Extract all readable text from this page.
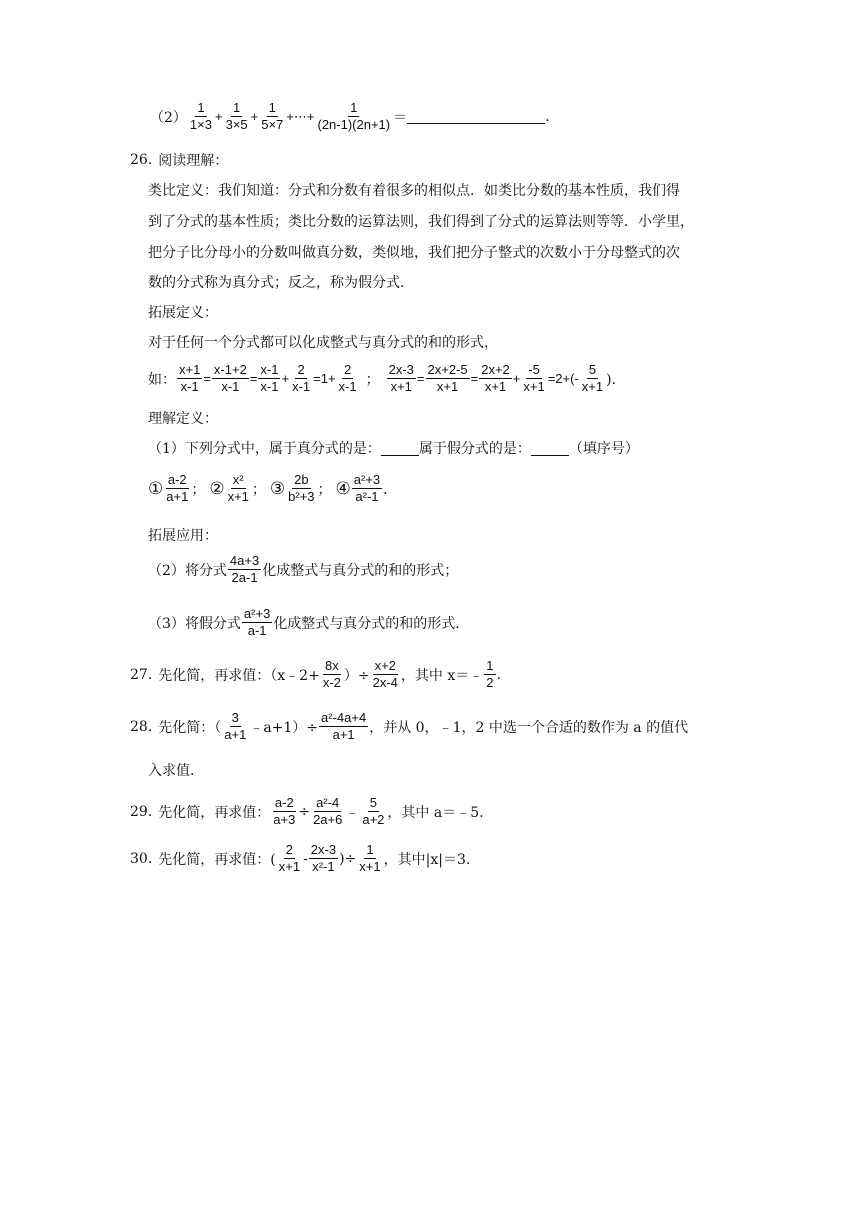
（2）
1
1×3
+ $\frac{1}{3\times 5} + \frac{1}{5\times 7}$ +⋯+ $\frac{1}{(2n-1)(2n+1)}$ ＝	.
26. 阅读理解：
类比定义：我们知道：分式和分数有着很多的相似点．如类比分数的基本性质，我们得
到了分式的基本性质；类比分数的运算法则，我们得到了分式的运算法则等等．小学里，
把分子比分母小的分数叫做真分数，类似地，我们把分子整式的次数小于分母整式的次
数的分式称为真分式；反之，称为假分式．
拓展定义：
对于任何一个分式都可以化成整式与真分式的和的形式，
如： $\frac{x+1}{x-1} = \frac{x-1+2}{x-1} = \frac{x-1}{x-1} + \frac{2}{x-1} =1+ \frac{2}{x-1}$ ； $\frac{2x-3}{x+1} = \frac{2x+2-5}{x+1} = \frac{2x+2}{x+1} + \frac{-5}{x+1} =2+$( -
5
x+1 )．
理解定义：
（1）下列分式中，属于真分式的是：	属于假分式的是：	（填序号）
① a-2
a+1 ； ② x²
x+1 ； ③ 2b
b²+3 ； ④ a²+3
a²-1 ．
拓展应用：
（2）将分式
4a+3
2a-1 化成整式与真分式的和的形式；
（3）将假分式
a²+3
a-1 化成整式与真分式的和的形式．
27. 先化简，再求值：（x﹣2+ $\frac{8x}{x-2}$ ）÷ $\frac{x+2}{2x-4}$ ，其中 x＝﹣
1
2 .
28. 先化简：（
3
a+1 ﹣a+1）÷ $\frac{\text{a²-4a+4}}{a+1}$ ，并从 0，﹣1，2 中选一个合适的数作为 a 的值代
入求值.
29. 先化简，再求值： $\frac{a-2}{a+3} \div \frac{\text{a²-4}}{2a+6}$ ﹣
5
a+2 ，其中 a＝﹣5.
30. 先化简，再求值：(
2
x+1 -
2x-3
x²-1 )÷ $\frac{1}{x+1}$ ，其中|x|＝3.
